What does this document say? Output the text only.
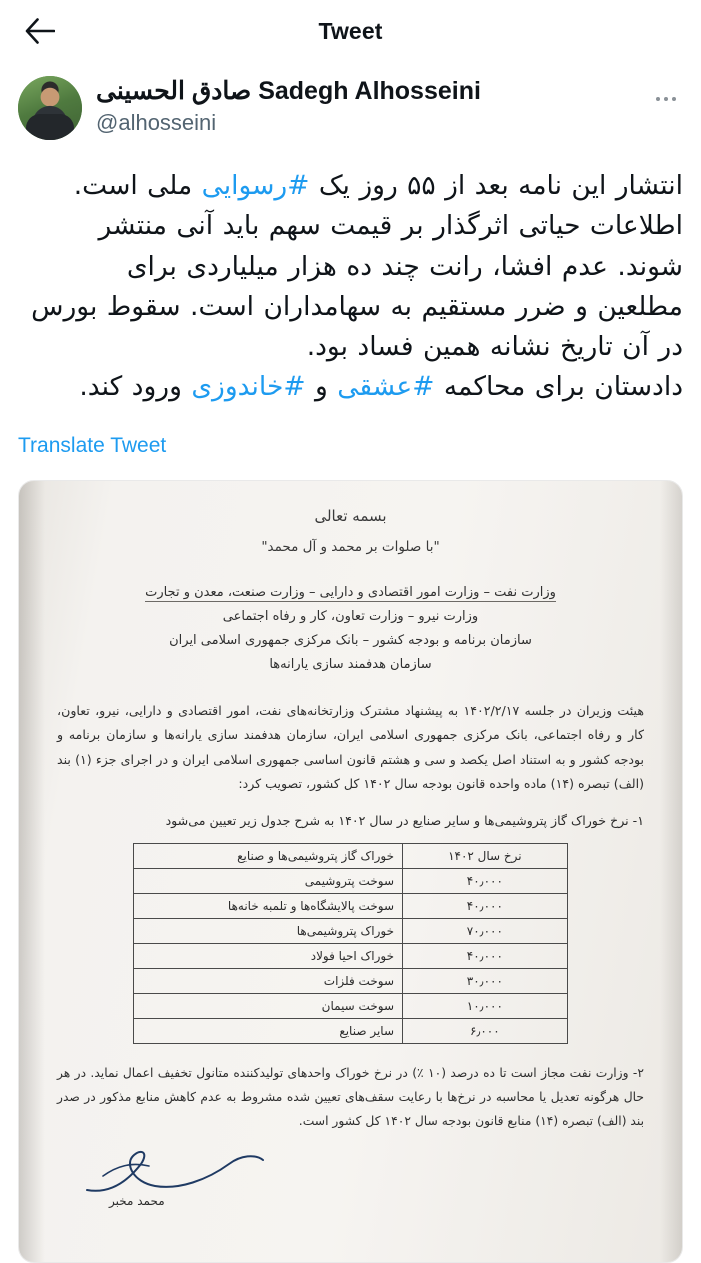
Tweet
صادق الحسینی Sadegh Alhosseini
@alhosseini
انتشار این نامه بعد از ۵۵ روز یک #رسوایی ملی است.
اطلاعات حیاتی اثرگذار بر قیمت سهم باید آنی منتشر
شوند. عدم افشا، رانت چند ده هزار میلیاردی برای
مطلعین و ضرر مستقیم به سهامداران است. سقوط بورس
در آن تاریخ نشانه همین فساد بود.
دادستان برای محاکمه #عشقی و #خاندوزی ورود کند.
Translate Tweet
بسمه تعالی
"با صلوات بر محمد و آل محمد"
وزارت نفت – وزارت امور اقتصادی و دارایی – وزارت صنعت، معدن و تجارت
وزارت نیرو – وزارت تعاون، کار و رفاه اجتماعی
سازمان برنامه و بودجه کشور – بانک مرکزی جمهوری اسلامی ایران
سازمان هدفمند سازی یارانه‌ها
هیئت وزیران در جلسه ۱۴۰۲/۲/۱۷ به پیشنهاد مشترک وزارتخانه‌های نفت، امور اقتصادی و دارایی، نیرو، تعاون، کار و رفاه اجتماعی، بانک مرکزی جمهوری اسلامی ایران، سازمان هدفمند سازی یارانه‌ها و سازمان برنامه و بودجه کشور و به استناد اصل یکصد و سی و هشتم قانون اساسی جمهوری اسلامی ایران و در اجرای جزء (۱) بند (الف) تبصره (۱۴) ماده واحده قانون بودجه سال ۱۴۰۲ کل کشور، تصویب کرد:
۱- نرخ خوراک گاز پتروشیمی‌ها و سایر صنایع در سال ۱۴۰۲ به شرح جدول زیر تعیین می‌شود
نرخ سال ۱۴۰۲	خوراک گاز پتروشیمی‌ها و صنایع
۴۰٫۰۰۰	سوخت پتروشیمی
۴۰٫۰۰۰	سوخت پالایشگاه‌ها و تلمبه خانه‌ها
۷۰٫۰۰۰	خوراک پتروشیمی‌ها
۴۰٫۰۰۰	خوراک احیا فولاد
۳۰٫۰۰۰	سوخت فلزات
۱۰٫۰۰۰	سوخت سیمان
۶٫۰۰۰	سایر صنایع
۲- وزارت نفت مجاز است تا ده درصد (۱۰ ٪) در نرخ خوراک واحدهای تولیدکننده متانول تخفیف اعمال نماید. در هر حال هرگونه تعدیل یا محاسبه در نرخ‌ها با رعایت سقف‌های تعیین شده مشروط به عدم کاهش منابع مذکور در صدر بند (الف) تبصره (۱۴) منابع قانون بودجه سال ۱۴۰۲ کل کشور است.
محمد مخبر
